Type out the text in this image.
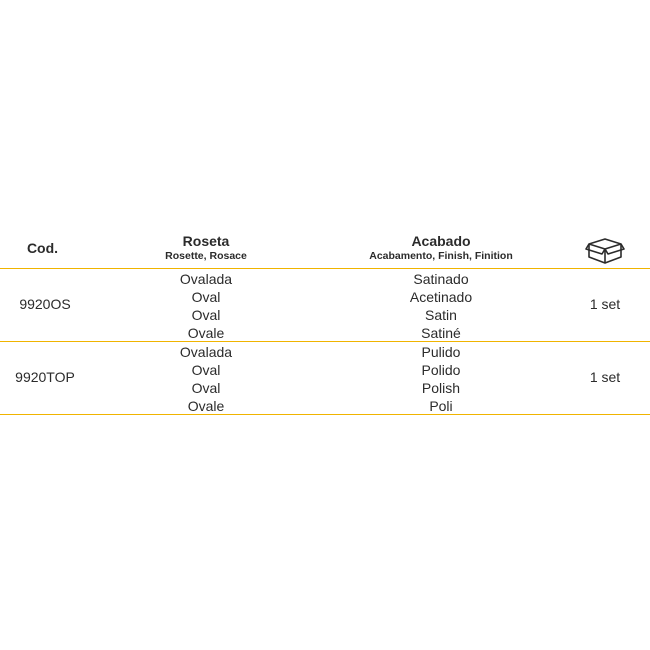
Cod.	Roseta
Rosette, Rosace
Acabado
Acabamento, Finish, Finition
9920OS
Ovalada
Oval
Oval
Ovale
Satinado
Acetinado
Satin
Satiné
1 set
9920TOP
Ovalada
Oval
Oval
Ovale
Pulido
Polido
Polish
Poli
1 set
